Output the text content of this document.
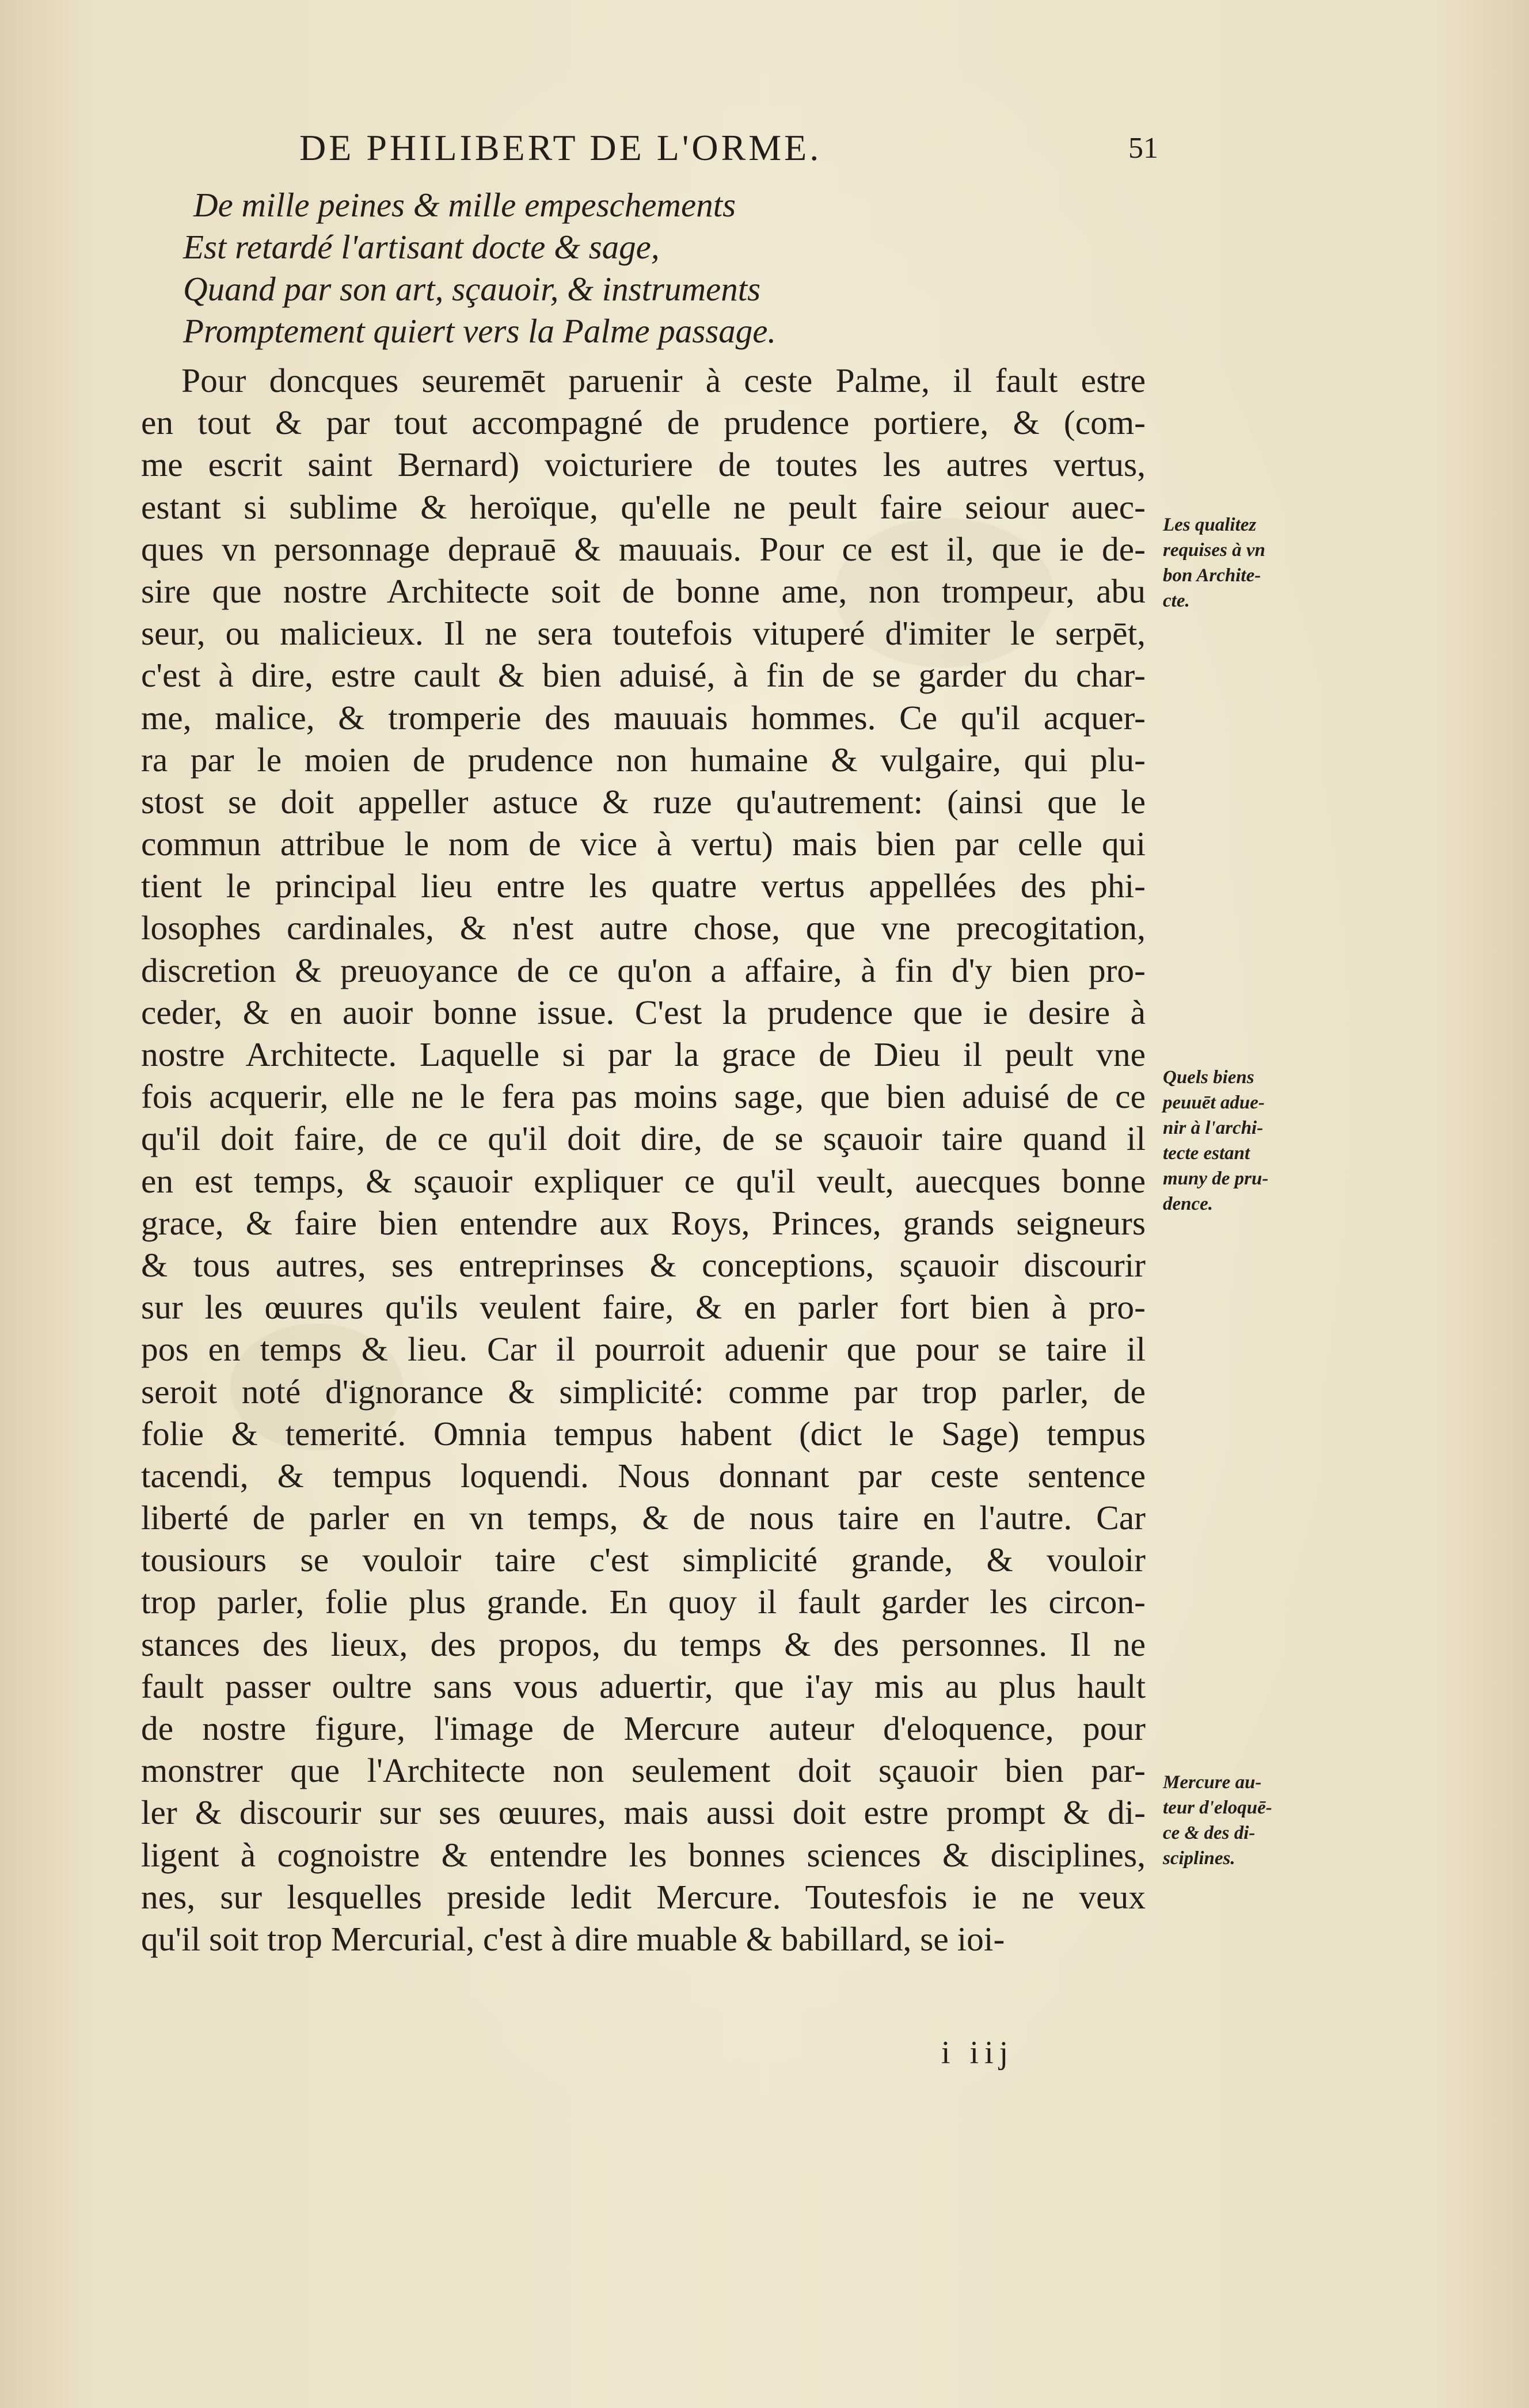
DE PHILIBERT DE L'ORME.	51
De mille peines & mille empeschements
Est retardé l'artisant docte & sage,
Quand par son art, sçauoir, & instruments
Promptement quiert vers la Palme passage.
Pour doncques seuremēt paruenir à ceste Palme, il fault estre
en tout & par tout accompagné de prudence portiere, & (com-
me escrit saint Bernard) voicturiere de toutes les autres vertus,
estant si sublime & heroïque, qu'elle ne peult faire seiour auec-
ques vn personnage deprauē & mauuais. Pour ce est il, que ie de-
sire que nostre Architecte soit de bonne ame, non trompeur, abu
seur, ou malicieux. Il ne sera toutefois vituperé d'imiter le serpēt,
c'est à dire, estre cault & bien aduisé, à fin de se garder du char-
me, malice, & tromperie des mauuais hommes. Ce qu'il acquer-
ra par le moien de prudence non humaine & vulgaire, qui plu-
stost se doit appeller astuce & ruze qu'autrement: (ainsi que le
commun attribue le nom de vice à vertu) mais bien par celle qui
tient le principal lieu entre les quatre vertus appellées des phi-
losophes cardinales, & n'est autre chose, que vne precogitation,
discretion & preuoyance de ce qu'on a affaire, à fin d'y bien pro-
ceder, & en auoir bonne issue. C'est la prudence que ie desire à
nostre Architecte. Laquelle si par la grace de Dieu il peult vne
fois acquerir, elle ne le fera pas moins sage, que bien aduisé de ce
qu'il doit faire, de ce qu'il doit dire, de se sçauoir taire quand il
en est temps, & sçauoir expliquer ce qu'il veult, auecques bonne
grace, & faire bien entendre aux Roys, Princes, grands seigneurs
& tous autres, ses entreprinses & conceptions, sçauoir discourir
sur les œuures qu'ils veulent faire, & en parler fort bien à pro-
pos en temps & lieu. Car il pourroit aduenir que pour se taire il
seroit noté d'ignorance & simplicité: comme par trop parler, de
folie & temerité. Omnia tempus habent (dict le Sage) tempus
tacendi, & tempus loquendi. Nous donnant par ceste sentence
liberté de parler en vn temps, & de nous taire en l'autre. Car
tousiours se vouloir taire c'est simplicité grande, & vouloir
trop parler, folie plus grande. En quoy il fault garder les circon-
stances des lieux, des propos, du temps & des personnes. Il ne
fault passer oultre sans vous aduertir, que i'ay mis au plus hault
de nostre figure, l'image de Mercure auteur d'eloquence, pour
monstrer que l'Architecte non seulement doit sçauoir bien par-
ler & discourir sur ses œuures, mais aussi doit estre prompt & di-
ligent à cognoistre & entendre les bonnes sciences & disciplines,
nes, sur lesquelles preside ledit Mercure. Toutesfois ie ne veux
qu'il soit trop Mercurial, c'est à dire muable & babillard, se ioi-
i iij
Les qualitez
requises à vn
bon Archite-
cte.
Quels biens
peuuēt adue-
nir à l'archi-
tecte estant
muny de pru-
dence.
Mercure au-
teur d'eloquē-
ce & des di-
sciplines.
